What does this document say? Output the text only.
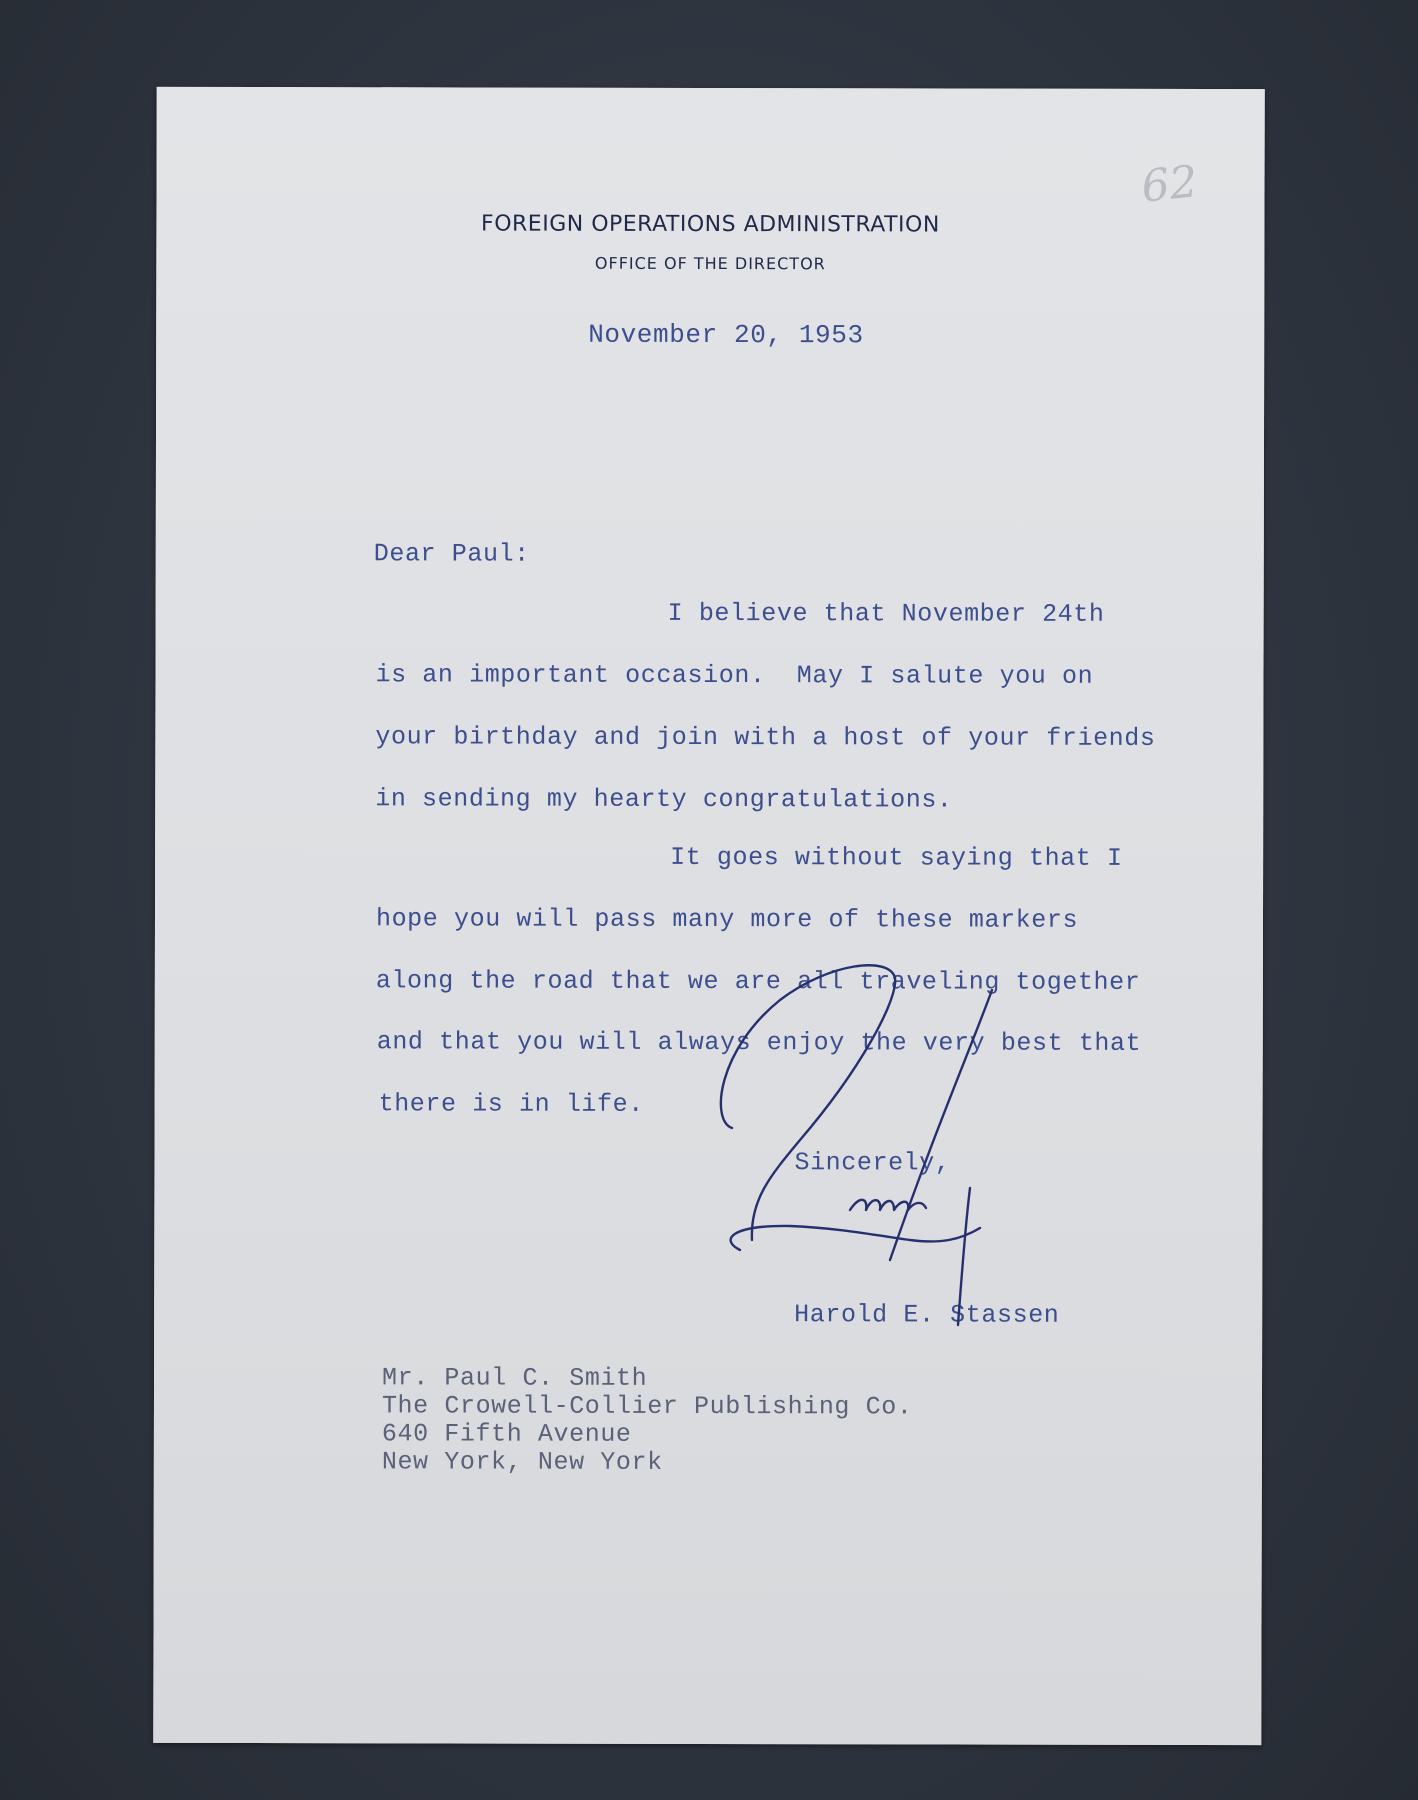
62
FOREIGN OPERATIONS ADMINISTRATION
OFFICE OF THE DIRECTOR
November 20, 1953
Dear Paul:
I believe that November 24th
is an important occasion.  May I salute you on
your birthday and join with a host of your friends
in sending my hearty congratulations.
It goes without saying that I
hope you will pass many more of these markers
along the road that we are all traveling together
and that you will always enjoy the very best that
there is in life.
Sincerely,
Harold E. Stassen
Mr. Paul C. Smith
The Crowell-Collier Publishing Co.
640 Fifth Avenue
New York, New York
